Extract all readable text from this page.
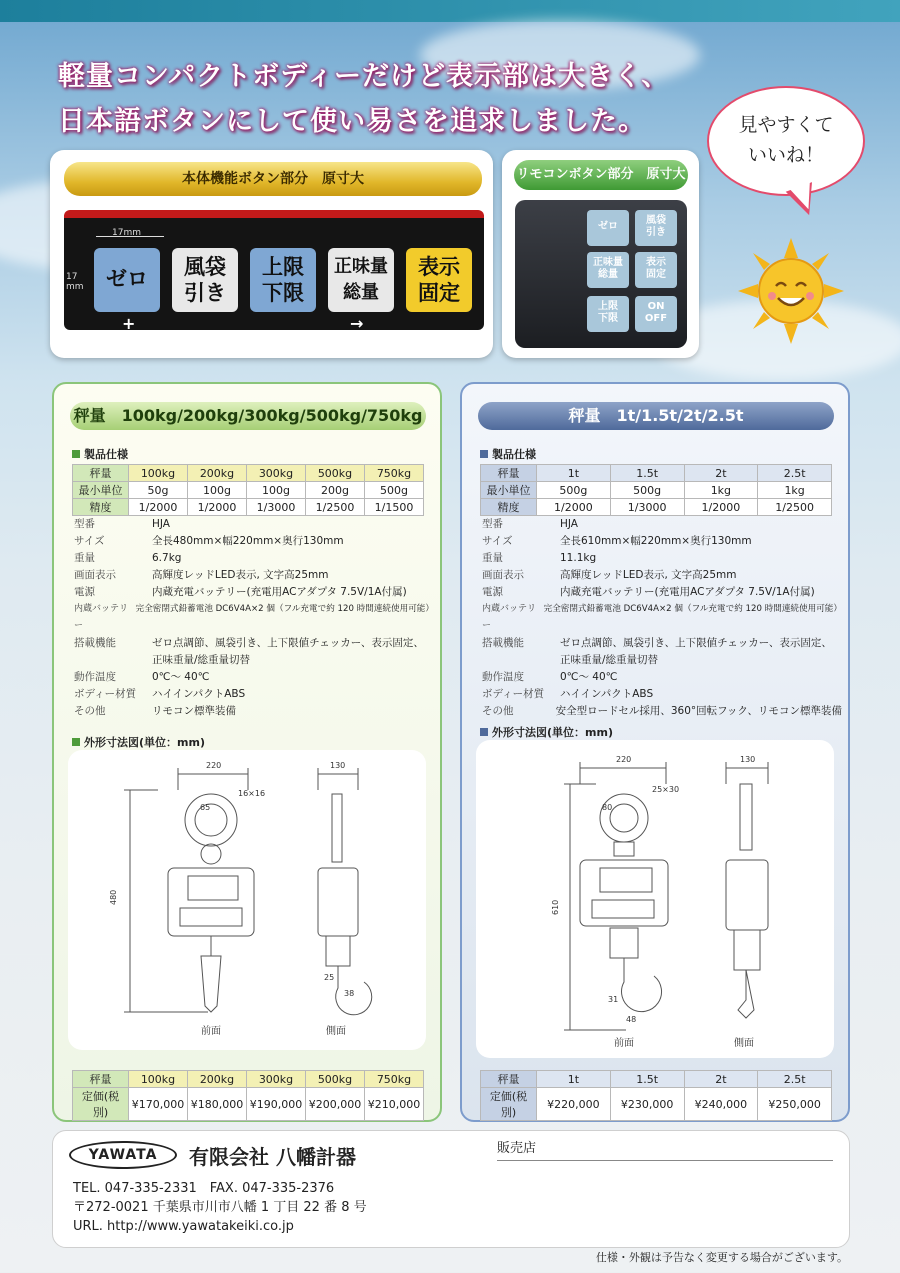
軽量コンパクトボディーだけど表示部は大きく、
日本語ボタンにして使い易さを追求しました。	見やすくて
いいね！
本体機能ボタン部分　原寸大
17mm
17
mm	ゼロ	風袋
引き
上限
下限
正味量
総量
表示
固定
+	→
リモコンボタン部分　原寸大
ゼロ
風袋
引き
正味量
総量
表示
固定
上限
下限
ON
OFF
秤量　100kg/200kg/300kg/500kg/750kg
製品仕様
秤量	100kg	200kg	300kg	500kg	750kg
最小単位	50g	100g	100g	200g	500g
精度	1/2000	1/2000	1/3000	1/2500	1/1500
型番	HJA
サイズ	全長480mm×幅220mm×奥行130mm
重量	6.7kg
画面表示	高輝度レッドLED表示, 文字高25mm
電源	内蔵充電バッテリー(充電用ACアダプタ 7.5V/1A付属)
内蔵バッテリー
完全密閉式鉛蓄電池 DC6V4A×2 個（フル充電で約 120 時間連続使用可能）
搭載機能	ゼロ点調節、風袋引き、上下限値チェッカー、表示固定、
正味重量/総重量切替
動作温度	0℃～ 40℃
ボディー材質	ハイインパクトABS
その他	リモコン標準装備
外形寸法図(単位：mm)
220	130
480
65
16×16
25
38
前面	側面
秤量	100kg	200kg	300kg	500kg	750kg
定価(税別)	¥170,000	¥180,000	¥190,000	¥200,000	¥210,000
秤量　1t/1.5t/2t/2.5t
製品仕様
秤量	1t	1.5t	2t	2.5t
最小単位	500g	500g	1kg	1kg
精度	1/2000	1/3000	1/2000	1/2500
型番	HJA
サイズ	全長610mm×幅220mm×奥行130mm
重量	11.1kg
画面表示	高輝度レッドLED表示, 文字高25mm
電源	内蔵充電バッテリー(充電用ACアダプタ 7.5V/1A付属)
内蔵バッテリー
完全密閉式鉛蓄電池 DC6V4A×2 個（フル充電で約 120 時間連続使用可能）
搭載機能	ゼロ点調節、風袋引き、上下限値チェッカー、表示固定、
正味重量/総重量切替
動作温度	0℃～ 40℃
ボディー材質	ハイインパクトABS
その他	安全型ロードセル採用、360°回転フック、リモコン標準装備
外形寸法図(単位：mm)
220	130
610
80
25×30
31
48
前面	側面
秤量	1t	1.5t	2t	2.5t
定価(税別)	¥220,000	¥230,000	¥240,000	¥250,000
YAWATA	有限会社 八幡計器
TEL. 047-335-2331　FAX. 047-335-2376
〒272-0021 千葉県市川市八幡 1 丁目 22 番 8 号
URL. http://www.yawatakeiki.co.jp
販売店
仕様・外観は予告なく変更する場合がございます。
